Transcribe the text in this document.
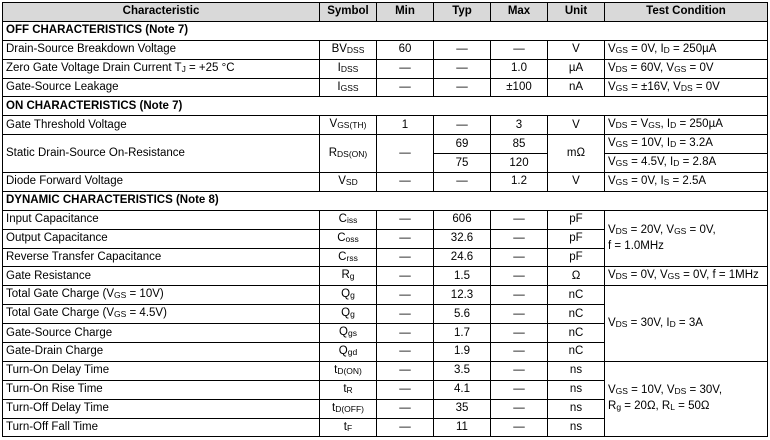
Characteristic	Symbol	Min	Typ	Max	Unit	Test Condition
OFF CHARACTERISTICS (Note 7)						
Drain-Source Breakdown Voltage	BVDSS	60	—	—	V	VGS = 0V, ID = 250µA
Zero Gate Voltage Drain Current TJ = +25 °C	IDSS	—	—	1.0	µA	VDS = 60V, VGS = 0V
Gate-Source Leakage	IGSS	—	—	±100	nA	VGS = ±16V, VDS = 0V
ON CHARACTERISTICS (Note 7)						
Gate Threshold Voltage	VGS(TH)	1	—	3	V	VDS = VGS, ID = 250µA
Static Drain-Source On-Resistance	RDS(ON)	—	69	85	mΩ	VGS = 10V, ID = 3.2A
			75	120		VGS = 4.5V, ID = 2.8A
Diode Forward Voltage	VSD	—	—	1.2	V	VGS = 0V, IS = 2.5A
DYNAMIC CHARACTERISTICS (Note 8)						
Input Capacitance	Ciss	—	606	—	pF	VDS = 20V, VGS = 0V,
f = 1.0MHz
Output Capacitance	Coss	—	32.6	—	pF	
Reverse Transfer Capacitance	Crss	—	24.6	—	pF	
Gate Resistance	Rg	—	1.5	—	Ω	VDS = 0V, VGS = 0V, f = 1MHz
Total Gate Charge (VGS = 10V)	Qg	—	12.3	—	nC	VDS = 30V, ID = 3A
Total Gate Charge (VGS = 4.5V)	Qg	—	5.6	—	nC	
Gate-Source Charge	Qgs	—	1.7	—	nC	
Gate-Drain Charge	Qgd	—	1.9	—	nC	
Turn-On Delay Time	tD(ON)	—	3.5	—	ns	VGS = 10V, VDS = 30V,
Rg = 20Ω, RL = 50Ω
Turn-On Rise Time	tR	—	4.1	—	ns	
Turn-Off Delay Time	tD(OFF)	—	35	—	ns	
Turn-Off Fall Time	tF	—	11	—	ns	
